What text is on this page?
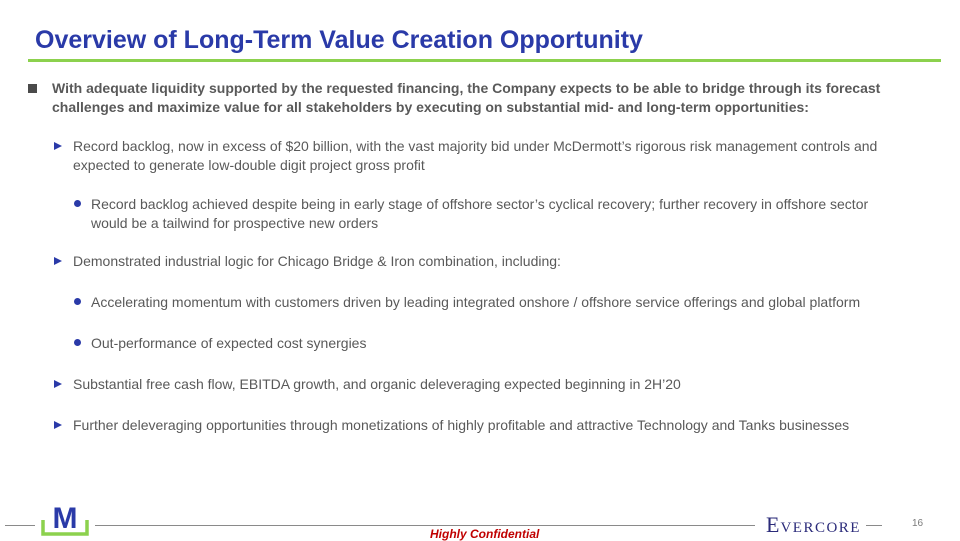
Overview of Long-Term Value Creation Opportunity
With adequate liquidity supported by the requested financing, the Company expects to be able to bridge through its forecast challenges and maximize value for all stakeholders by executing on substantial mid- and long-term opportunities:
Record backlog, now in excess of $20 billion, with the vast majority bid under McDermott’s rigorous risk management controls and expected to generate low-double digit project gross profit
Record backlog achieved despite being in early stage of offshore sector’s cyclical recovery; further recovery in offshore sector would be a tailwind for prospective new orders
Demonstrated industrial logic for Chicago Bridge & Iron combination, including:
Accelerating momentum with customers driven by leading integrated onshore / offshore service offerings and global platform
Out-performance of expected cost synergies
Substantial free cash flow, EBITDA growth, and organic deleveraging expected beginning in 2H’20
Further deleveraging opportunities through monetizations of highly profitable and attractive Technology and Tanks businesses
M	Highly Confidential	EVERCORE	16
